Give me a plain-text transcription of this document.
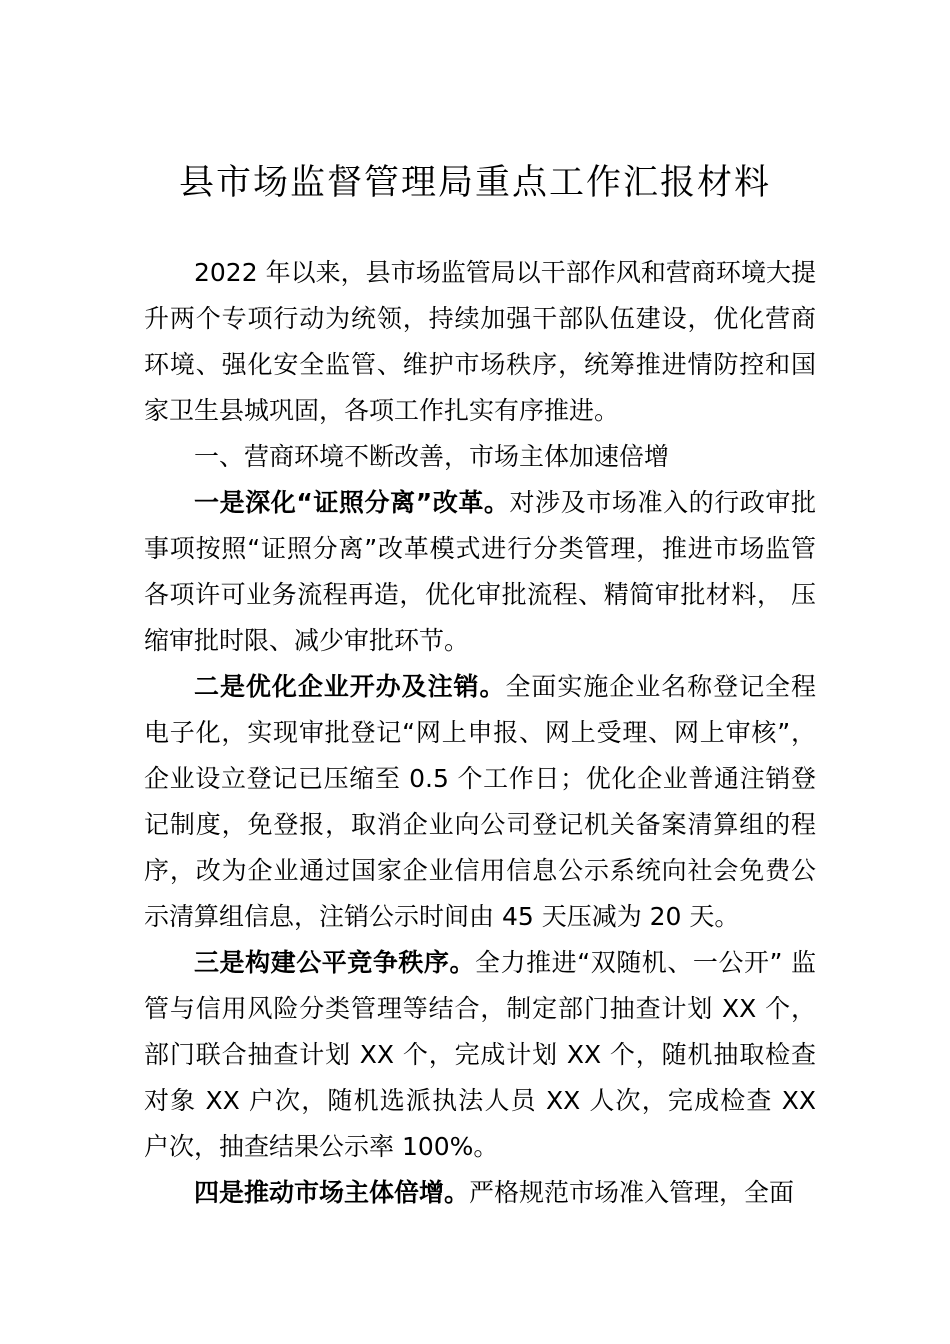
县市场监督管理局重点工作汇报材料

2022 年以来，县市场监管局以干部作风和营商环境大提升两个专项行动为统领，持续加强干部队伍建设，优化营商环境、强化安全监管、维护市场秩序，统筹推进情防控和国家卫生县城巩固，各项工作扎实有序推进。

一、营商环境不断改善，市场主体加速倍增

一是深化“证照分离”改革。对涉及市场准入的行政审批事项按照“证照分离”改革模式进行分类管理，推进市场监管各项许可业务流程再造，优化审批流程、精简审批材料， 压缩审批时限、减少审批环节。

二是优化企业开办及注销。全面实施企业名称登记全程电子化，实现审批登记“网上申报、网上受理、网上审核”，企业设立登记已压缩至 0.5 个工作日；优化企业普通注销登记制度，免登报，取消企业向公司登记机关备案清算组的程序，改为企业通过国家企业信用信息公示系统向社会免费公示清算组信息，注销公示时间由 45 天压减为 20 天。

三是构建公平竞争秩序。全力推进“双随机、一公开” 监管与信用风险分类管理等结合，制定部门抽查计划 XX 个， 部门联合抽查计划 XX 个，完成计划 XX 个，随机抽取检查对象 XX 户次，随机选派执法人员 XX 人次，完成检查 XX 户次，抽查结果公示率 100%。

四是推动市场主体倍增。严格规范市场准入管理，全面
